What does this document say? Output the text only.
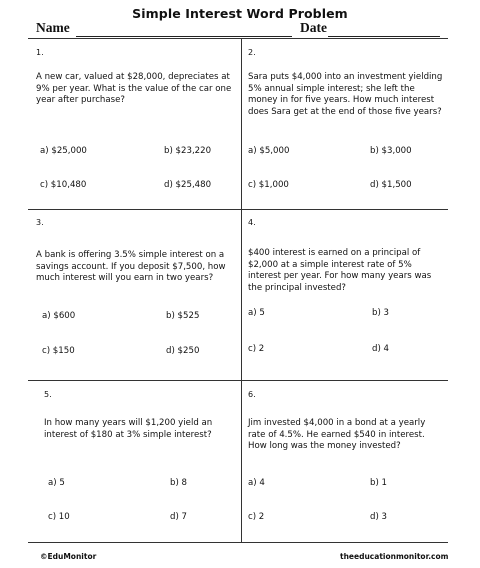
Simple Interest Word Problem
Name	Date
1.
A new car, valued at $28,000, depreciates at 9% per year. What is the value of the car one year after purchase?
a) $25,000	b) $23,220
c) $10,480	d) $25,480
2.
Sara puts $4,000 into an investment yielding 5% annual simple interest; she left the money in for five years. How much interest does Sara get at the end of those five years?
a) $5,000	b) $3,000
c) $1,000	d) $1,500
3.
A bank is offering 3.5% simple interest on a savings account. If you deposit $7,500, how much interest will you earn in two years?
a) $600	b) $525
c) $150	d) $250
4.
$400 interest is earned on a principal of $2,000 at a simple interest rate of 5% interest per year. For how many years was the principal invested?
a) 5	b) 3
c) 2	d) 4
5.
In how many years will $1,200 yield an interest of $180 at 3% simple interest?
a) 5	b) 8
c) 10	d) 7
6.
Jim invested $4,000 in a bond at a yearly rate of 4.5%. He earned $540 in interest. How long was the money invested?
a) 4	b) 1
c) 2	d) 3
©EduMonitor	theeducationmonitor.com
